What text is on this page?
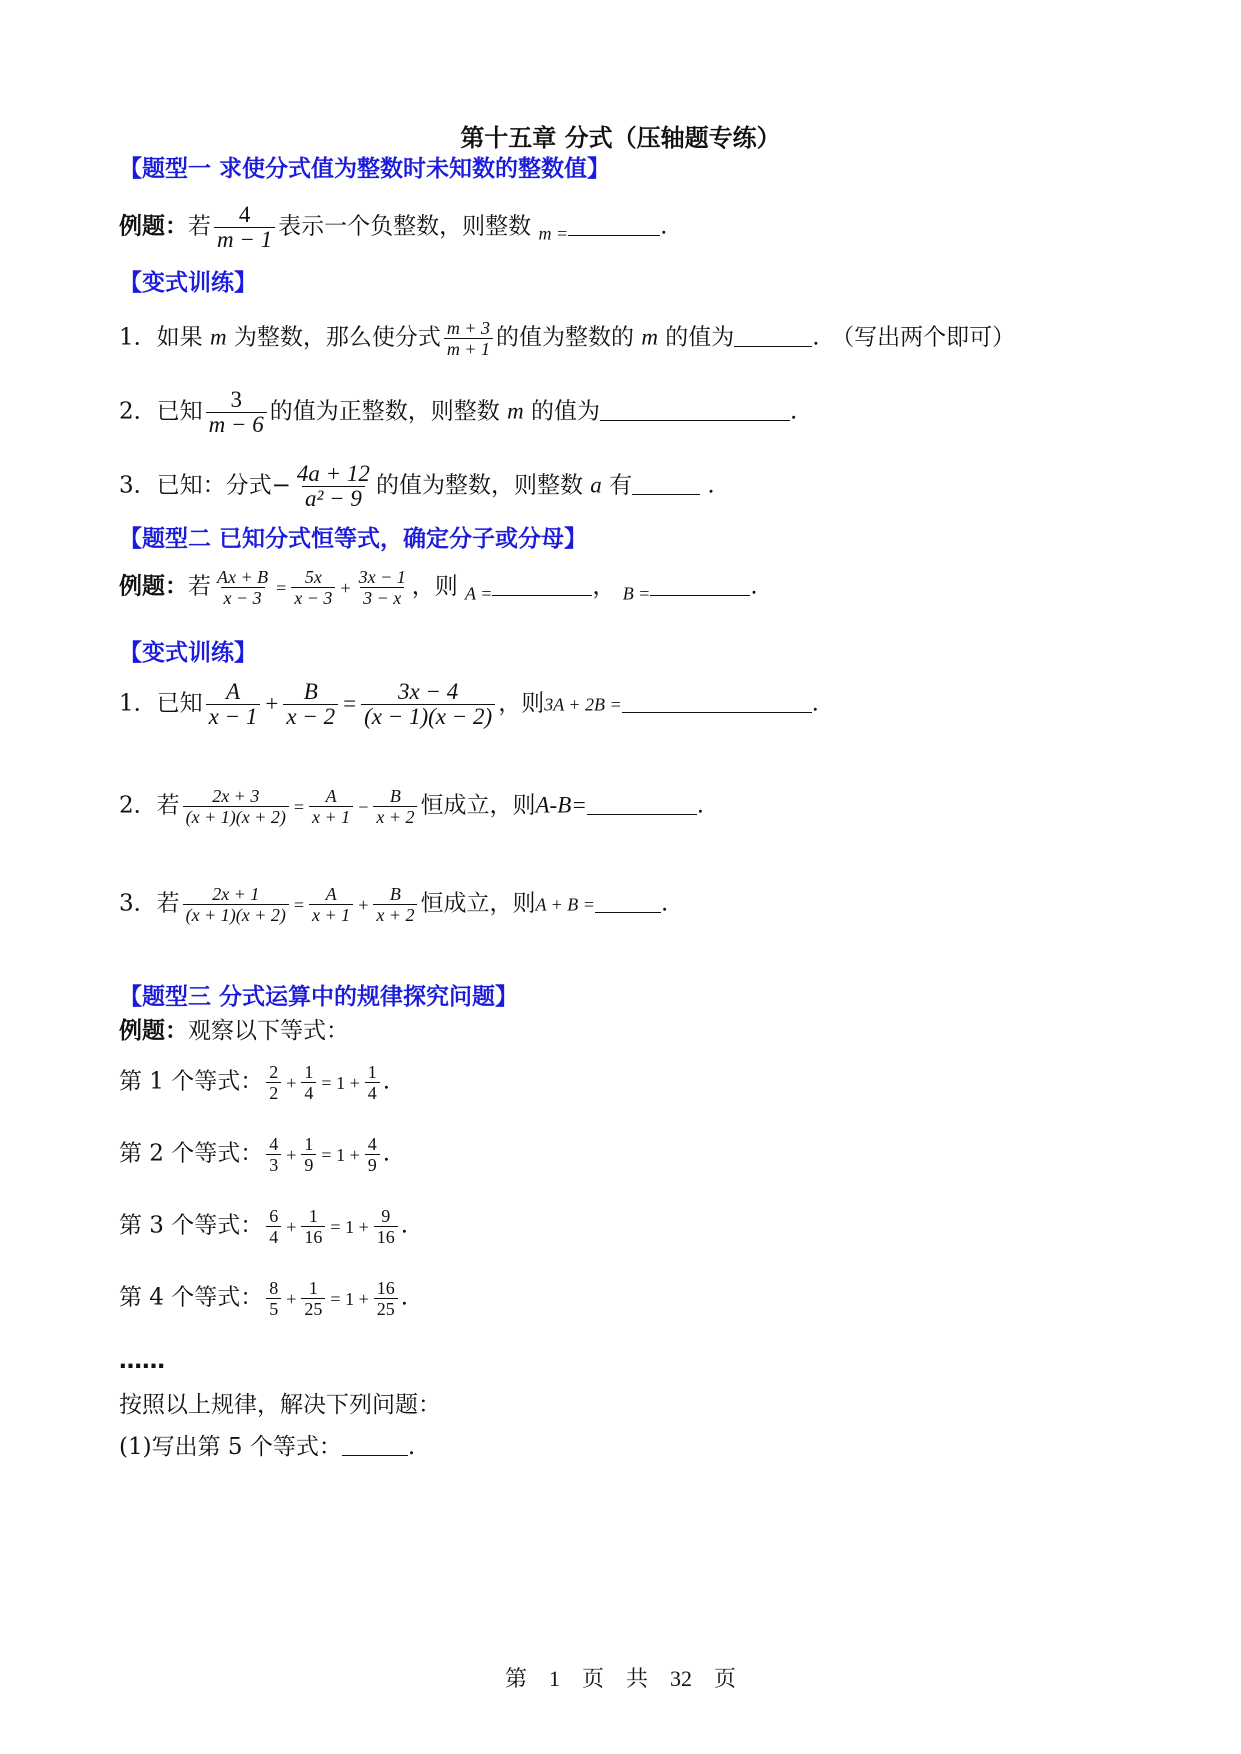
第十五章 分式（压轴题专练）
【题型一 求使分式值为整数时未知数的整数值】
例题：若 $\frac{4}{m - 1}$ 表示一个负整数，则整数 $_{m =}$	.
【变式训练】
1．如果 m 为整数，那么使分式 $\frac{m + 3}{m + 1}$ 的值为整数的 m 的值为	.　（写出两个即可）
2．已知 $\frac{3}{m - 6}$ 的值为正整数，则整数 m 的值为	.
3．已知：分式− $\frac{4a + 12}{\text{a² − 9}}$ 的值为整数，则整数 a 有	.
【题型二 已知分式恒等式，确定分子或分母】
例题：若 $\frac{Ax + B}{x - 3} = \frac{5x}{x - 3} + \frac{3x - 1}{3 - x}$ ，则 $_{A =}$	， $_{B =}$	.
【变式训练】
1．已知 $\frac{A}{x - 1} + \frac{B}{x - 2} = \frac{3x - 4}{(x - 1)(x - 2)}$ ，则3A + 2B =	.
2．若 $\frac{2x + 3}{(x + 1)(x + 2)} = \frac{A}{x + 1} - \frac{B}{x + 2}$ 恒成立，则A-B=	.
3．若 $\frac{2x + 1}{(x + 1)(x + 2)} = \frac{A}{x + 1} + \frac{B}{x + 2}$ 恒成立，则A + B =	.
【题型三 分式运算中的规律探究问题】
例题：观察以下等式：
第 1 个等式： $\frac{2}{2} + \frac{1}{4} = 1 + \frac{1}{4}$ .
第 2 个等式： $\frac{4}{3} + \frac{1}{9} = 1 + \frac{4}{9}$ .
第 3 个等式： $\frac{6}{4} + \frac{1}{16} = 1 + \frac{9}{16}$ .
第 4 个等式： $\frac{8}{5} + \frac{1}{25} = 1 + \frac{16}{25}$ .
……
按照以上规律，解决下列问题：
(1)写出第 5 个等式：	.
第　1　页　共　32　页
